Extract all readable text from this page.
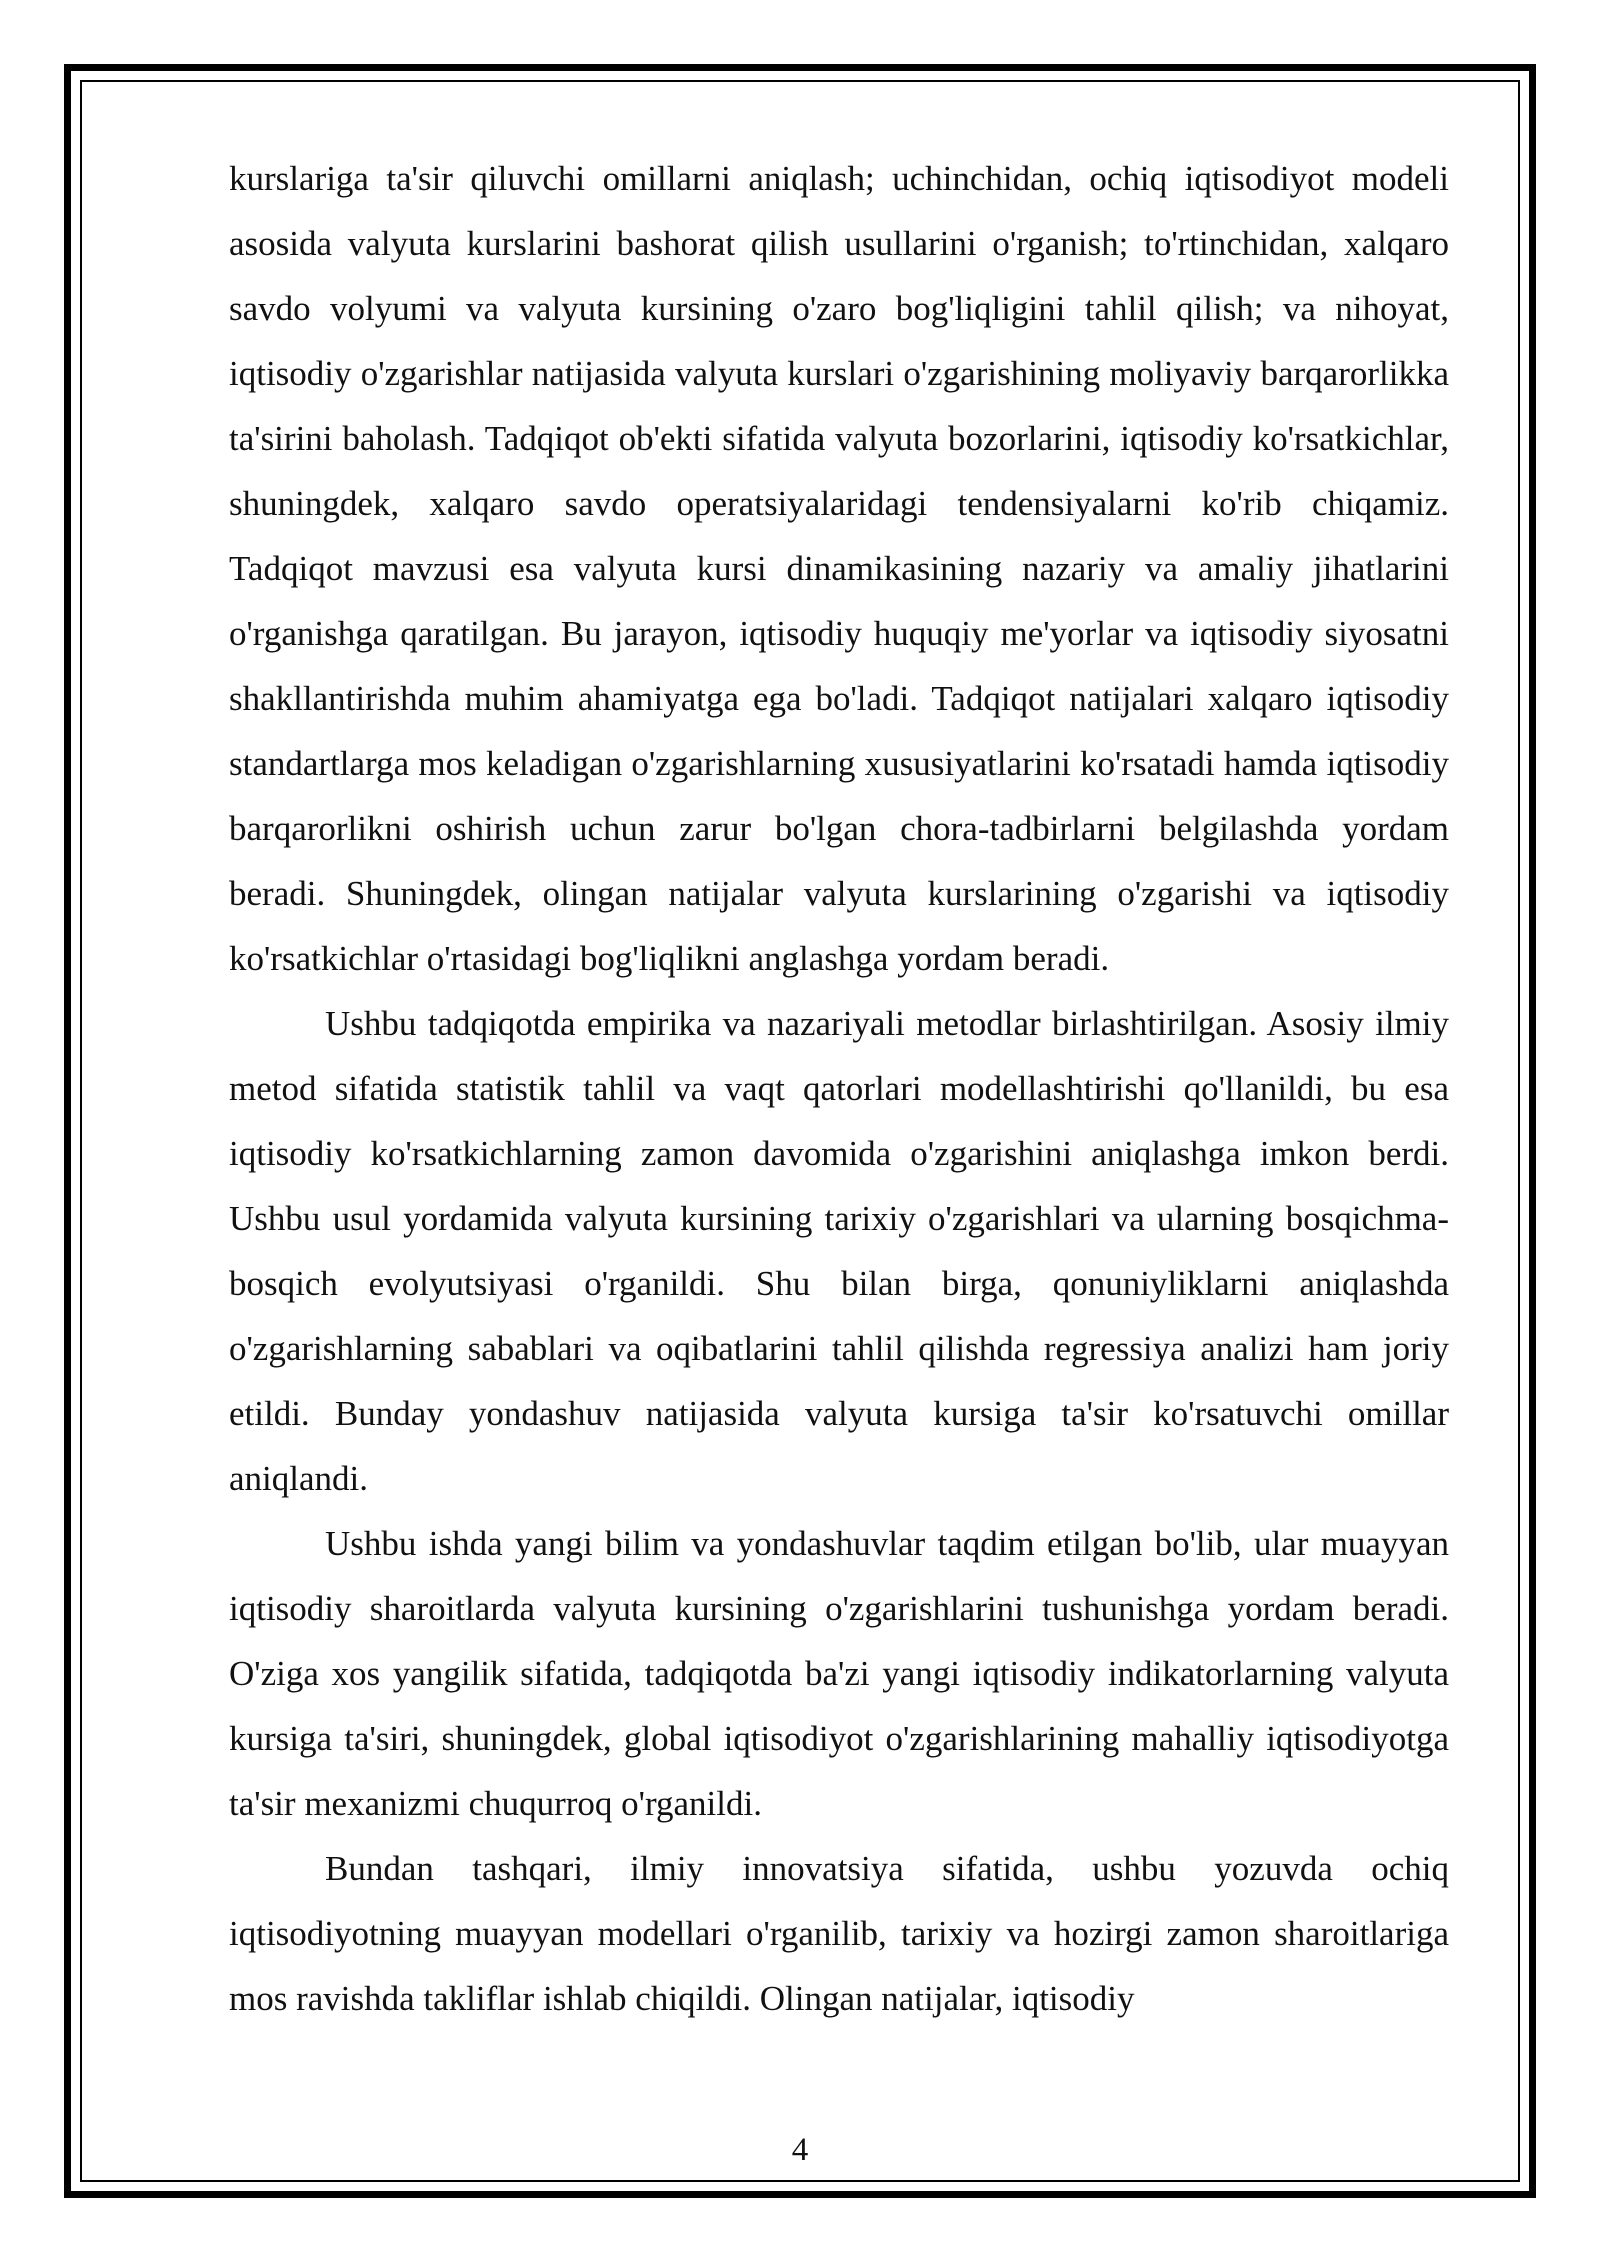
kurslariga ta'sir qiluvchi omillarni aniqlash; uchinchidan, ochiq iqtisodiyot modeli asosida valyuta kurslarini bashorat qilish usullarini o'rganish; to'rtinchidan, xalqaro savdo volyumi va valyuta kursining o'zaro bog'liqligini tahlil qilish; va nihoyat, iqtisodiy o'zgarishlar natijasida valyuta kurslari o'zgarishining moliyaviy barqarorlikka ta'sirini baholash. Tadqiqot ob'ekti sifatida valyuta bozorlarini, iqtisodiy ko'rsatkichlar, shuningdek, xalqaro savdo operatsiyalaridagi tendensiyalarni ko'rib chiqamiz. Tadqiqot mavzusi esa valyuta kursi dinamikasining nazariy va amaliy jihatlarini o'rganishga qaratilgan. Bu jarayon, iqtisodiy huquqiy me'yorlar va iqtisodiy siyosatni shakllantirishda muhim ahamiyatga ega bo'ladi. Tadqiqot natijalari xalqaro iqtisodiy standartlarga mos keladigan o'zgarishlarning xususiyatlarini ko'rsatadi hamda iqtisodiy barqarorlikni oshirish uchun zarur bo'lgan chora-tadbirlarni belgilashda yordam beradi. Shuningdek, olingan natijalar valyuta kurslarining o'zgarishi va iqtisodiy ko'rsatkichlar o'rtasidagi bog'liqlikni anglashga yordam beradi.

Ushbu tadqiqotda empirika va nazariyali metodlar birlashtirilgan. Asosiy ilmiy metod sifatida statistik tahlil va vaqt qatorlari modellashtirishi qo'llanildi, bu esa iqtisodiy ko'rsatkichlarning zamon davomida o'zgarishini aniqlashga imkon berdi. Ushbu usul yordamida valyuta kursining tarixiy o'zgarishlari va ularning bosqichma-bosqich evolyutsiyasi o'rganildi. Shu bilan birga, qonuniyliklarni aniqlashda o'zgarishlarning sabablari va oqibatlarini tahlil qilishda regressiya analizi ham joriy etildi. Bunday yondashuv natijasida valyuta kursiga ta'sir ko'rsatuvchi omillar aniqlandi.

Ushbu ishda yangi bilim va yondashuvlar taqdim etilgan bo'lib, ular muayyan iqtisodiy sharoitlarda valyuta kursining o'zgarishlarini tushunishga yordam beradi. O'ziga xos yangilik sifatida, tadqiqotda ba'zi yangi iqtisodiy indikatorlarning valyuta kursiga ta'siri, shuningdek, global iqtisodiyot o'zgarishlarining mahalliy iqtisodiyotga ta'sir mexanizmi chuqurroq o'rganildi.

Bundan tashqari, ilmiy innovatsiya sifatida, ushbu yozuvda ochiq iqtisodiyotning muayyan modellari o'rganilib, tarixiy va hozirgi zamon sharoitlariga mos ravishda takliflar ishlab chiqildi. Olingan natijalar, iqtisodiy

4
